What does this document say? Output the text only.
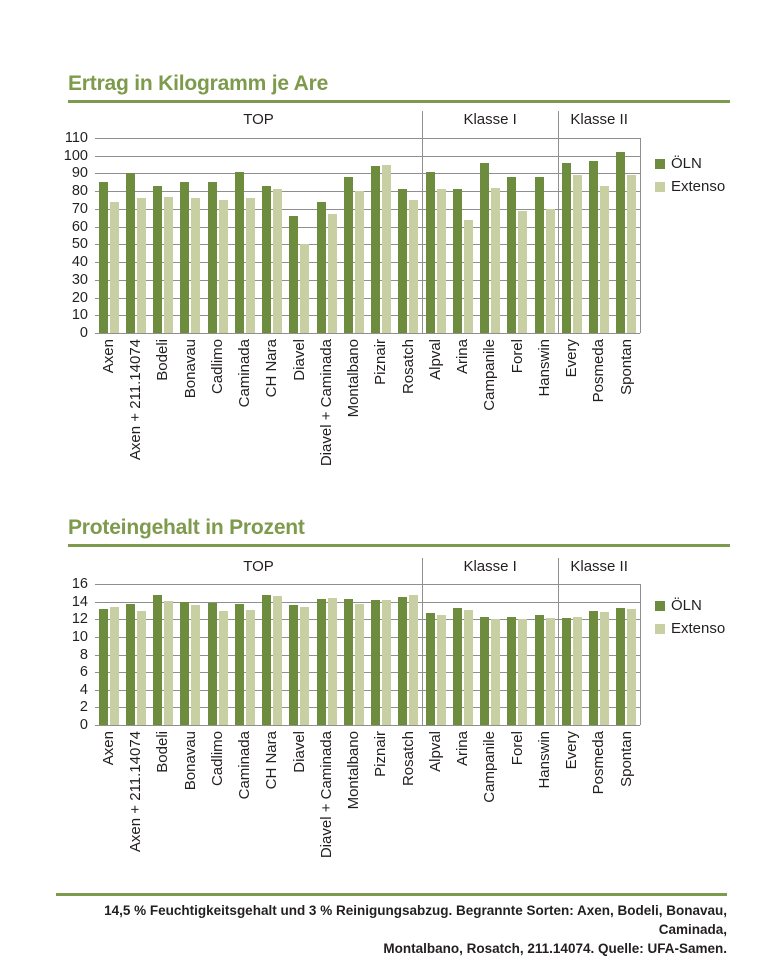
Ertrag in Kilogramm je Are
110
100
90
80
70
60
50
40
30
20
10
0
TOP	Klasse I	Klasse II
Axen Axen + 211.14074 Bodeli Bonavau Cadlimo Caminada CH Nara Diavel Diavel + Caminada Montalbano Piznair Rosatch Alpval Arina Campanile Forel Hanswin Every Posmeda Spontan
ÖLN
Extenso
Proteingehalt in Prozent
16
14
12
10
8
6
4
2
0
TOP	Klasse I	Klasse II
Axen Axen + 211.14074 Bodeli Bonavau Cadlimo Caminada CH Nara Diavel Diavel + Caminada Montalbano Piznair Rosatch Alpval Arina Campanile Forel Hanswin Every Posmeda Spontan
ÖLN
Extenso
14,5 % Feuchtigkeitsgehalt und 3 % Reinigungsabzug. Begrannte Sorten: Axen, Bodeli, Bonavau, Caminada,
Montalbano, Rosatch, 211.14074. Quelle: UFA-Samen.
